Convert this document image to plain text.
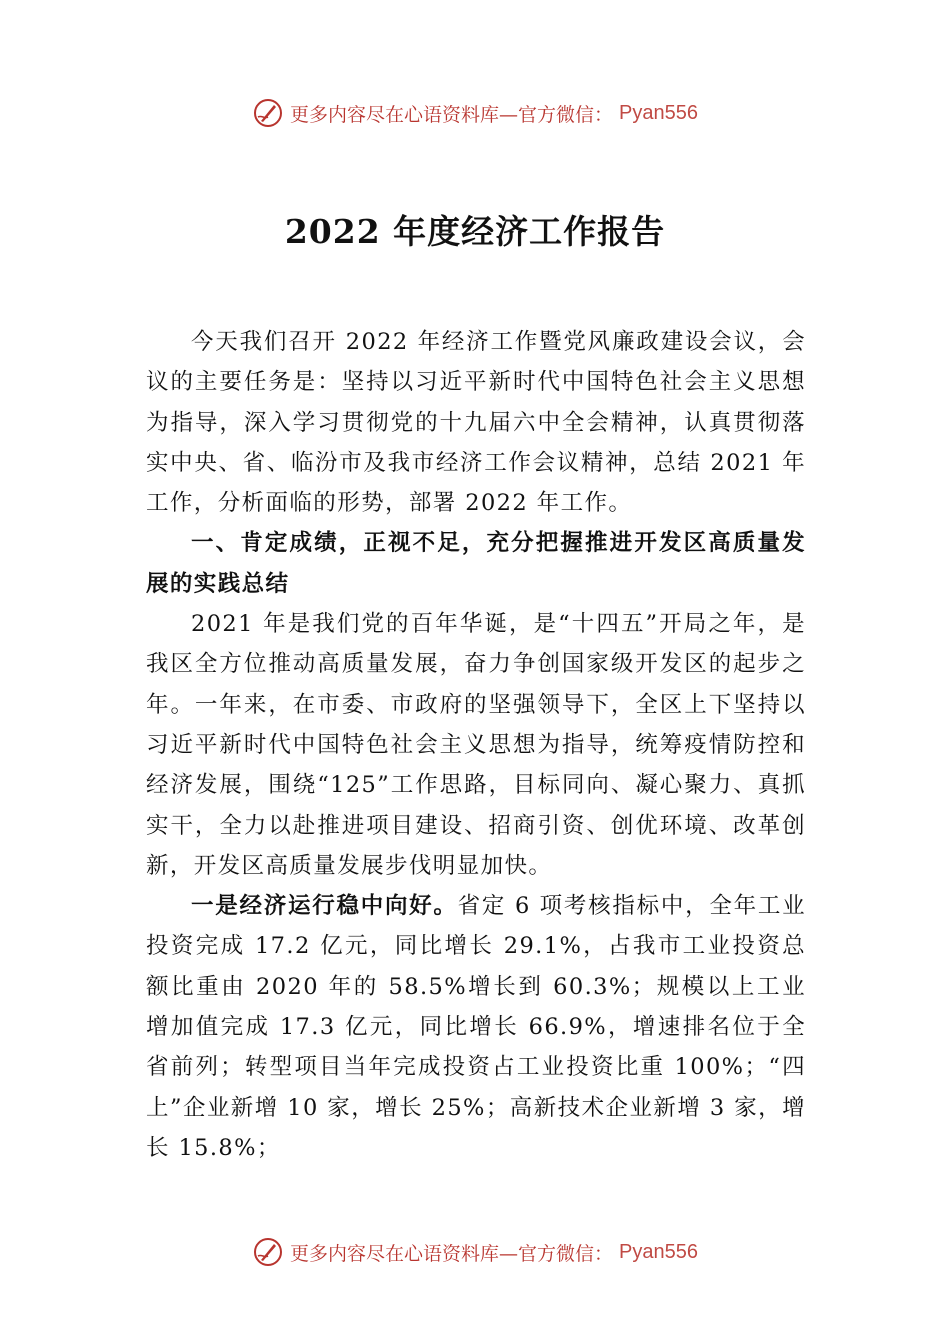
更多内容尽在心语资料库—官方微信： Pyan556
2022 年度经济工作报告

今天我们召开 2022 年经济工作暨党风廉政建设会议，会议的主要任务是：坚持以习近平新时代中国特色社会主义思想为指导，深入学习贯彻党的十九届六中全会精神，认真贯彻落实中央、省、临汾市及我市经济工作会议精神，总结 2021 年工作，分析面临的形势，部署 2022 年工作。

一、肯定成绩，正视不足，充分把握推进开发区高质量发展的实践总结

2021 年是我们党的百年华诞，是“十四五”开局之年，是我区全方位推动高质量发展，奋力争创国家级开发区的起步之年。一年来，在市委、市政府的坚强领导下，全区上下坚持以习近平新时代中国特色社会主义思想为指导，统筹疫情防控和经济发展，围绕“125”工作思路，目标同向、凝心聚力、真抓实干，全力以赴推进项目建设、招商引资、创优环境、改革创新，开发区高质量发展步伐明显加快。

一是经济运行稳中向好。省定 6 项考核指标中，全年工业投资完成 17.2 亿元，同比增长 29.1%，占我市工业投资总额比重由 2020 年的 58.5%增长到 60.3%；规模以上工业增加值完成 17.3 亿元，同比增长 66.9%，增速排名位于全省前列；转型项目当年完成投资占工业投资比重 100%；“四上”企业新增 10 家，增长 25%；高新技术企业新增 3 家，增长 15.8%；

更多内容尽在心语资料库—官方微信： Pyan556
